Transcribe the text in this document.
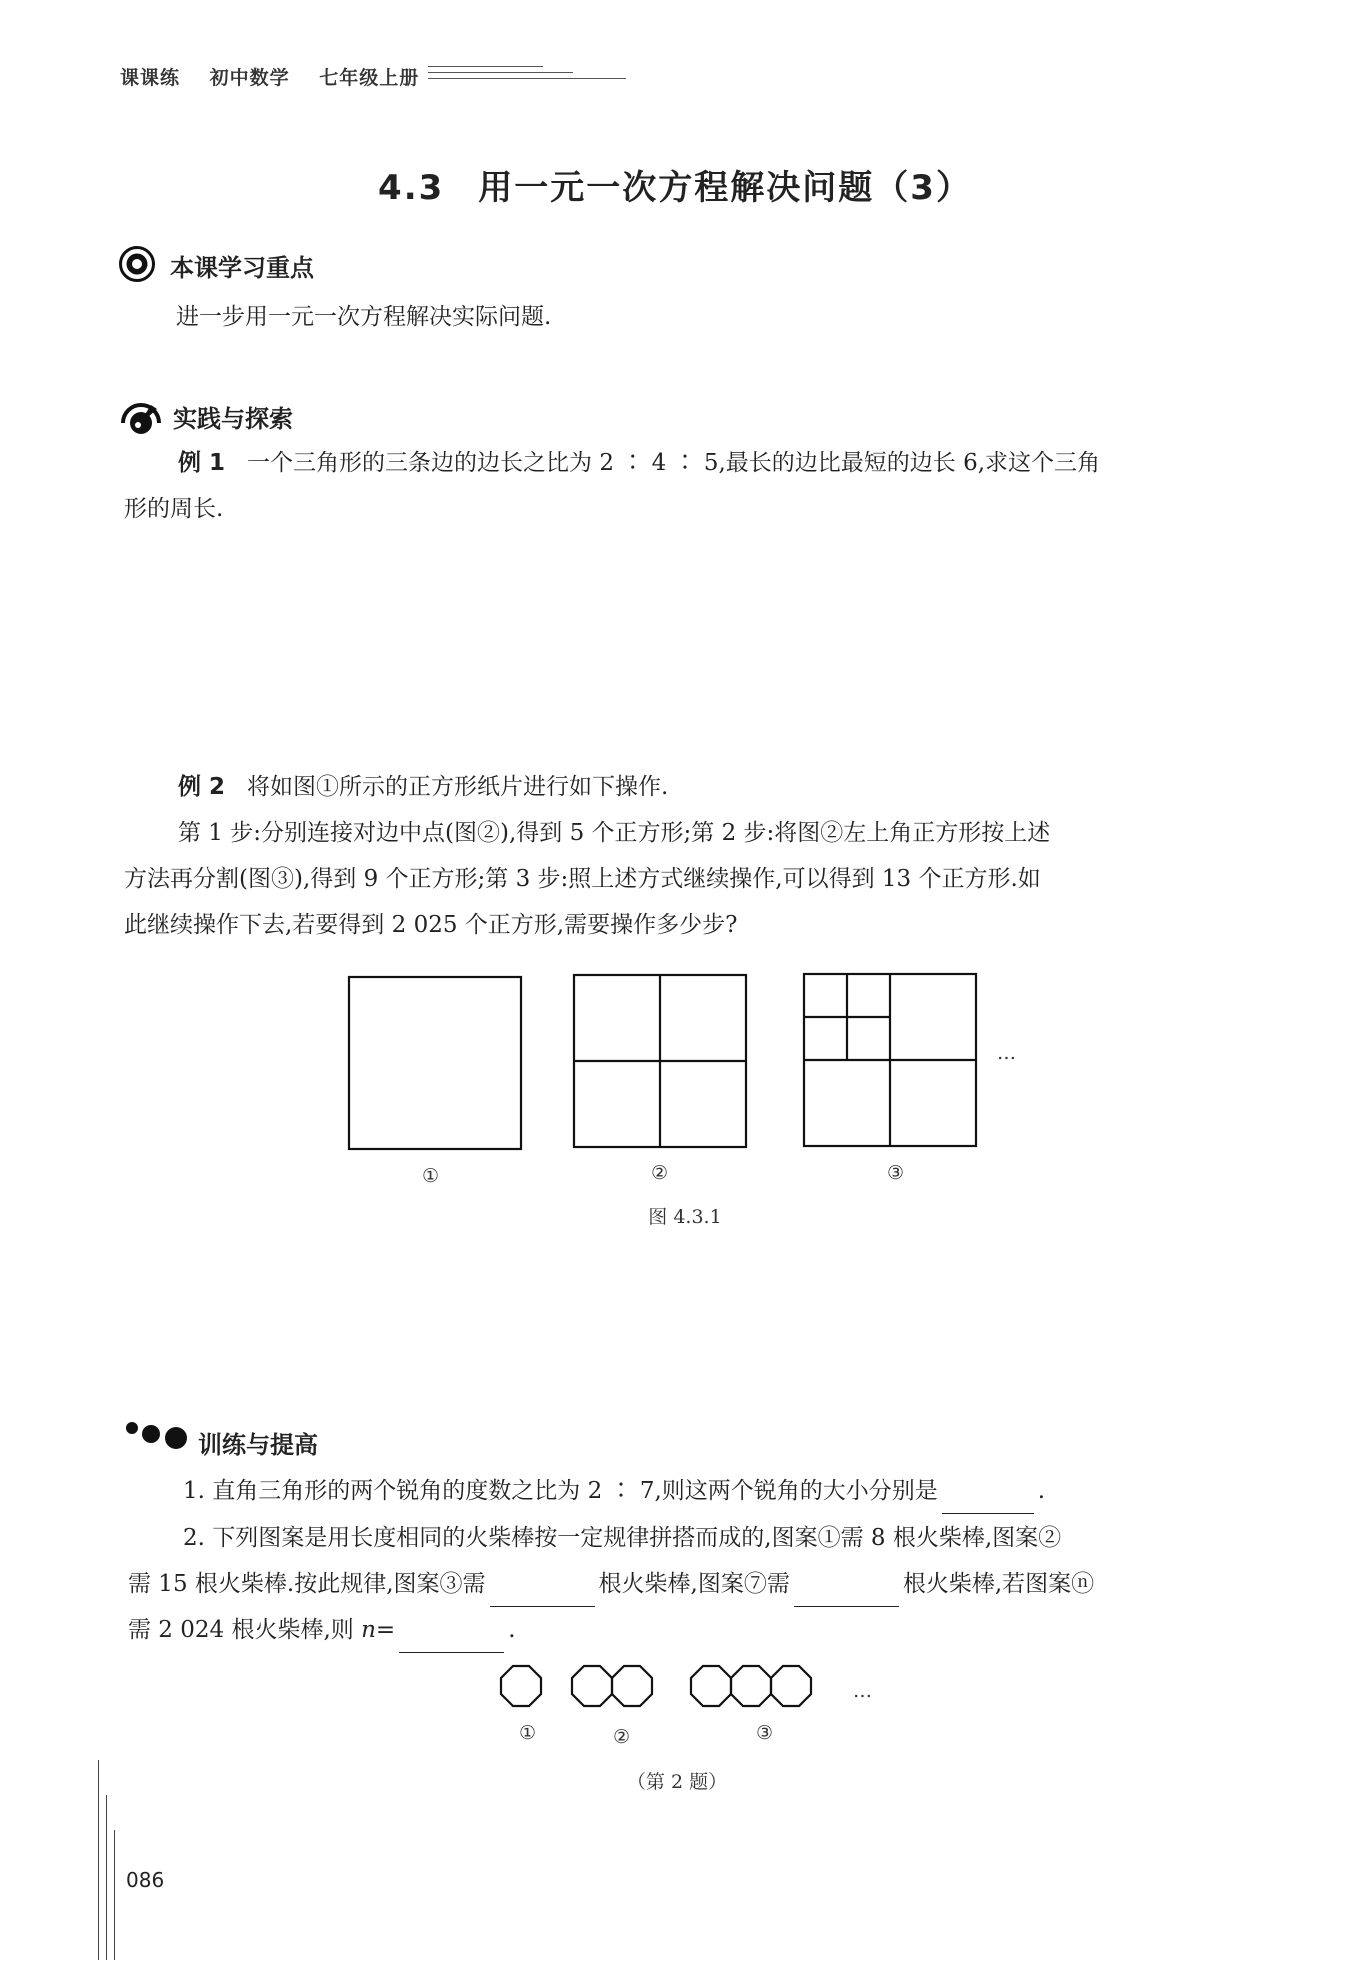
课课练 初中数学 七年级上册
4.3 用一元一次方程解决问题（3）
本课学习重点
进一步用一元一次方程解决实际问题.
实践与探索
例 1 一个三角形的三条边的边长之比为 2 ∶ 4 ∶ 5,最长的边比最短的边长 6,求这个三角
形的周长.
例 2 将如图①所示的正方形纸片进行如下操作.
第 1 步:分别连接对边中点(图②),得到 5 个正方形;第 2 步:将图②左上角正方形按上述
方法再分割(图③),得到 9 个正方形;第 3 步:照上述方式继续操作,可以得到 13 个正方形.如
此继续操作下去,若要得到 2 025 个正方形,需要操作多少步?
…
①	②	③
图 4.3.1
训练与提高
1. 直角三角形的两个锐角的度数之比为 2 ∶ 7,则这两个锐角的大小分别是	.
2. 下列图案是用长度相同的火柴棒按一定规律拼搭而成的,图案①需 8 根火柴棒,图案②
需 15 根火柴棒.按此规律,图案③需	根火柴棒,图案⑦需	根火柴棒,若图案ⓝ
需 2 024 根火柴棒,则 n=	.
…
①	②	③
（第 2 题）
086
